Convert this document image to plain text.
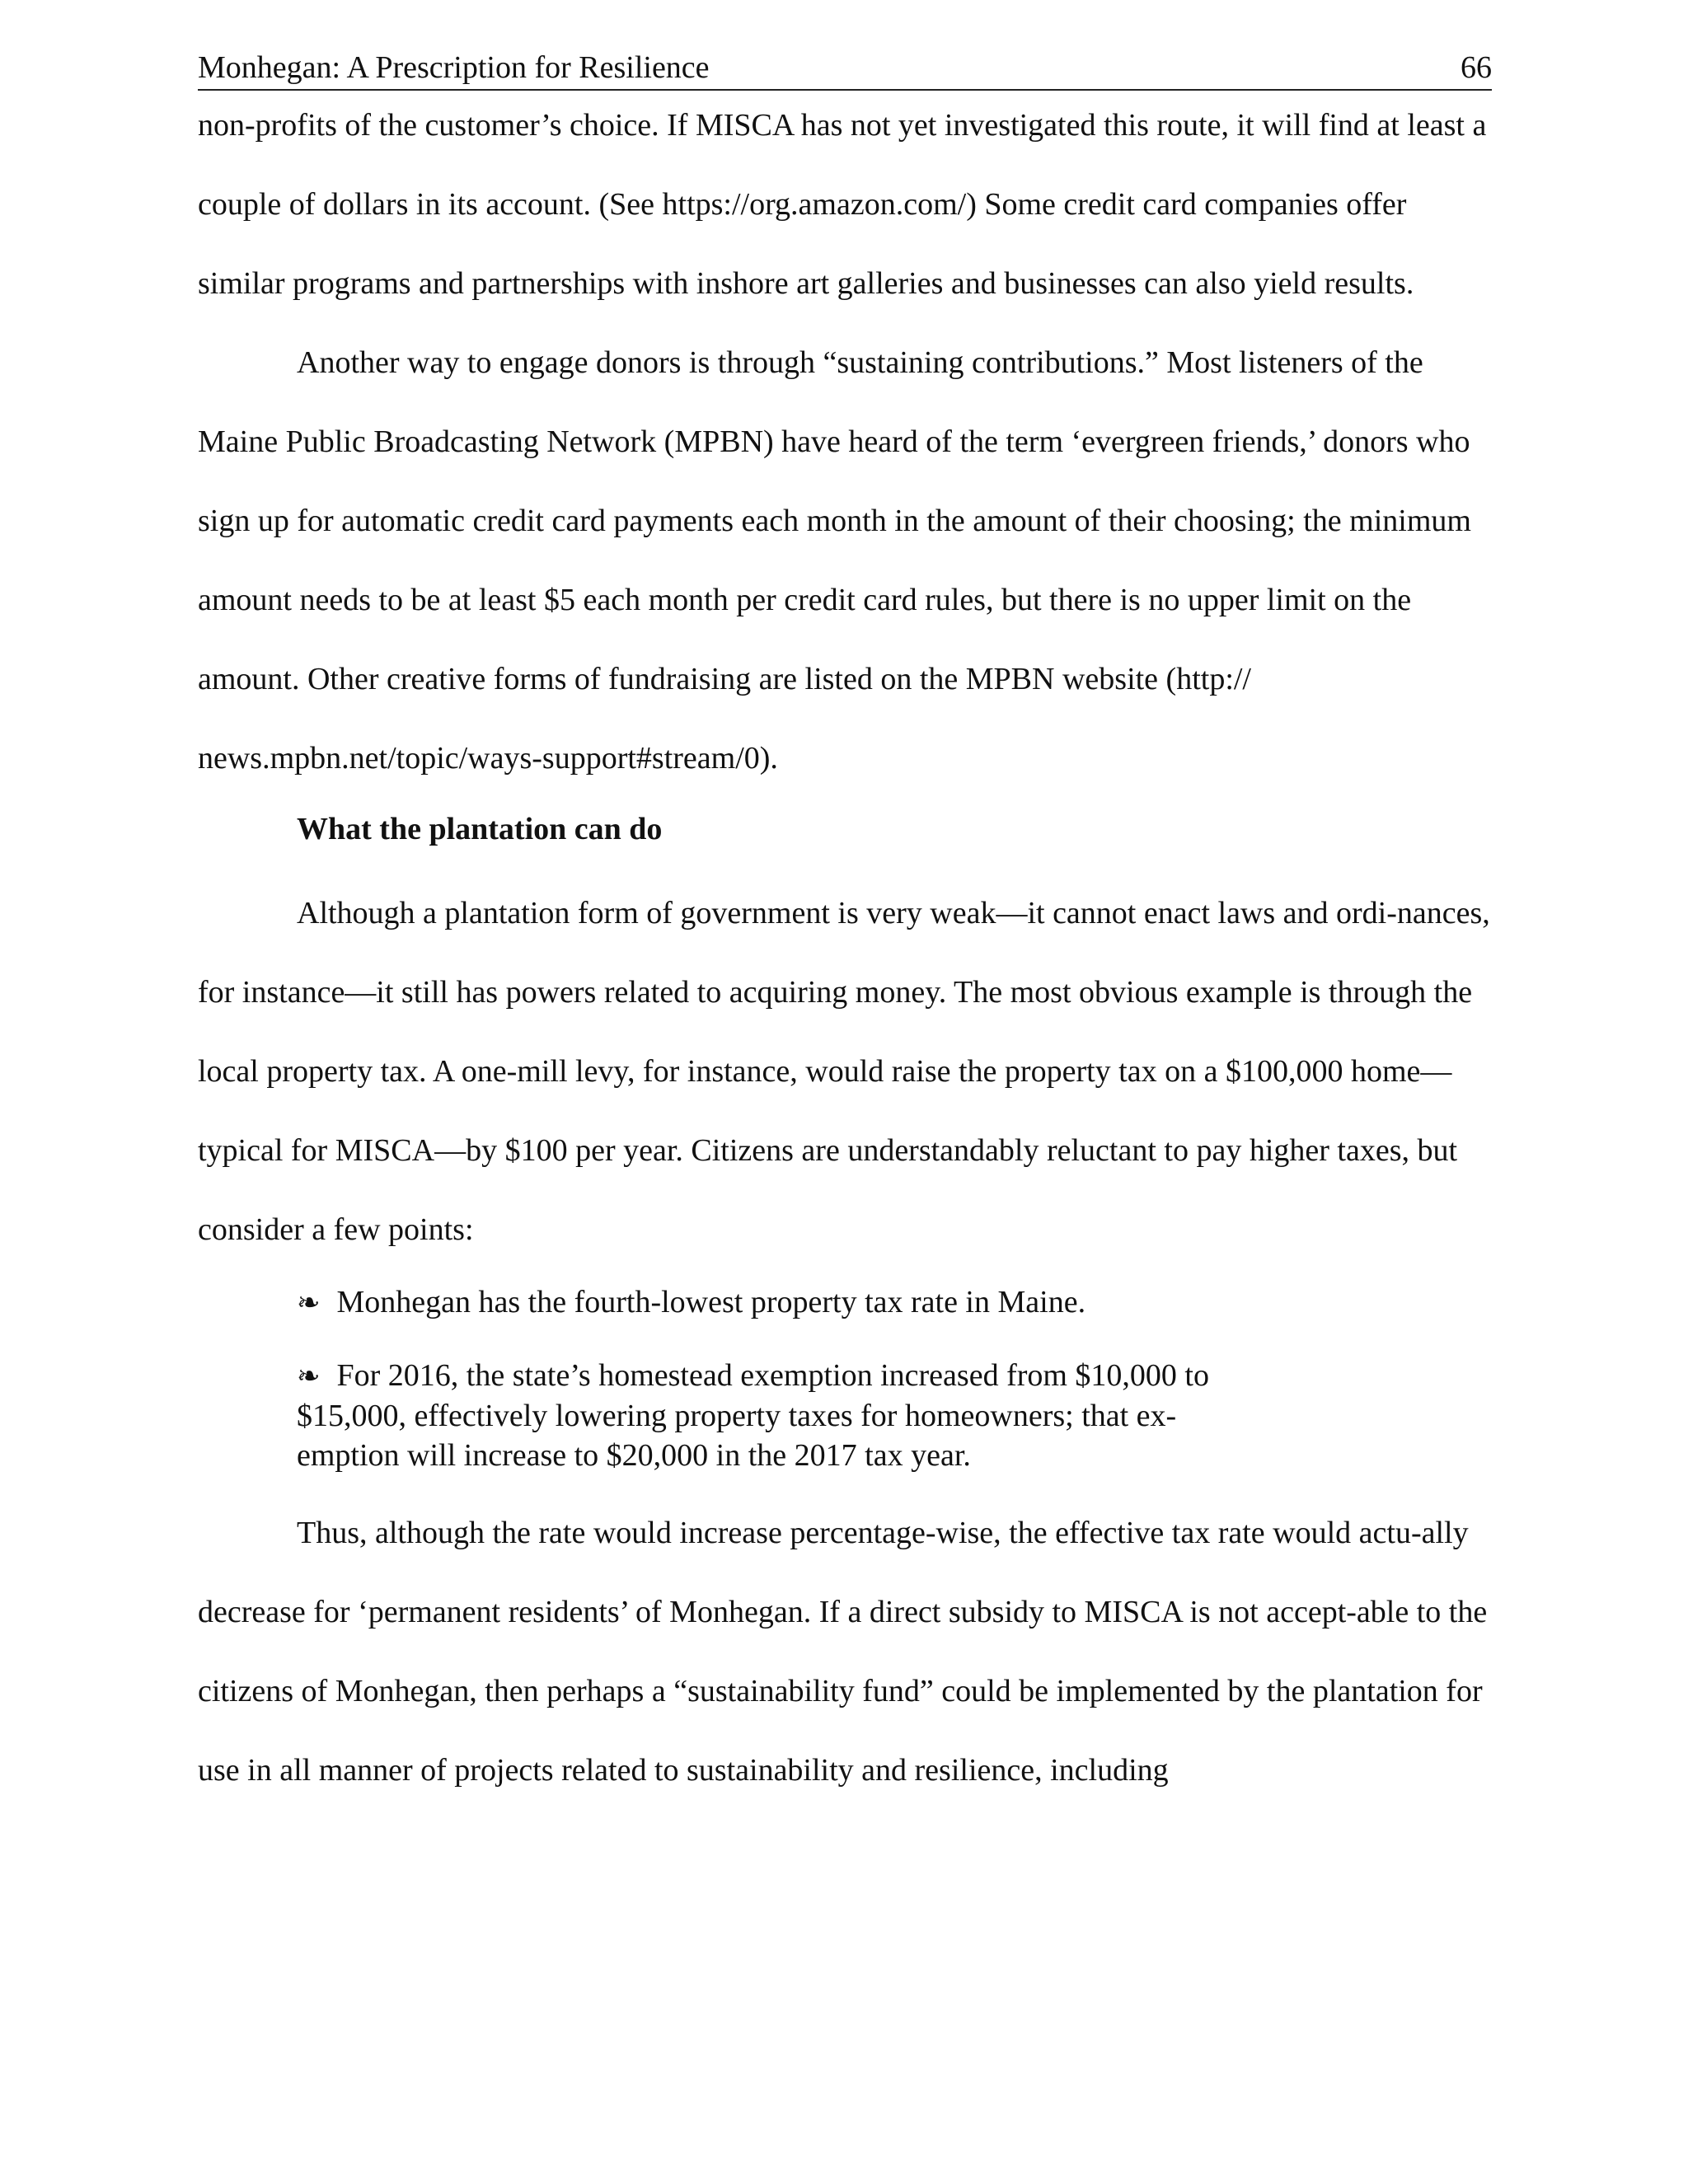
Monhegan: A Prescription for Resilience	66

non-profits of the customer’s choice. If MISCA has not yet investigated this route, it will find at least a couple of dollars in its account. (See https://org.amazon.com/) Some credit card companies offer similar programs and partnerships with inshore art galleries and businesses can also yield results.

Another way to engage donors is through “sustaining contributions.” Most listeners of the Maine Public Broadcasting Network (MPBN) have heard of the term ‘evergreen friends,’ donors who sign up for automatic credit card payments each month in the amount of their choosing; the minimum amount needs to be at least $5 each month per credit card rules, but there is no upper limit on the amount. Other creative forms of fundraising are listed on the MPBN website (http:// news.mpbn.net/topic/ways-support#stream/0).

What the plantation can do

Although a plantation form of government is very weak—it cannot enact laws and ordi-nances, for instance—it still has powers related to acquiring money. The most obvious example is through the local property tax. A one-mill levy, for instance, would raise the property tax on a $100,000 home—typical for MISCA—by $100 per year. Citizens are understandably reluctant to pay higher taxes, but consider a few points:

❧ Monhegan has the fourth-lowest property tax rate in Maine.
❧ For 2016, the state’s homestead exemption increased from $10,000 to $15,000, effectively lowering property taxes for homeowners; that ex-emption will increase to $20,000 in the 2017 tax year.

Thus, although the rate would increase percentage-wise, the effective tax rate would actu-ally decrease for ‘permanent residents’ of Monhegan. If a direct subsidy to MISCA is not accept-able to the citizens of Monhegan, then perhaps a “sustainability fund” could be implemented by the plantation for use in all manner of projects related to sustainability and resilience, including
